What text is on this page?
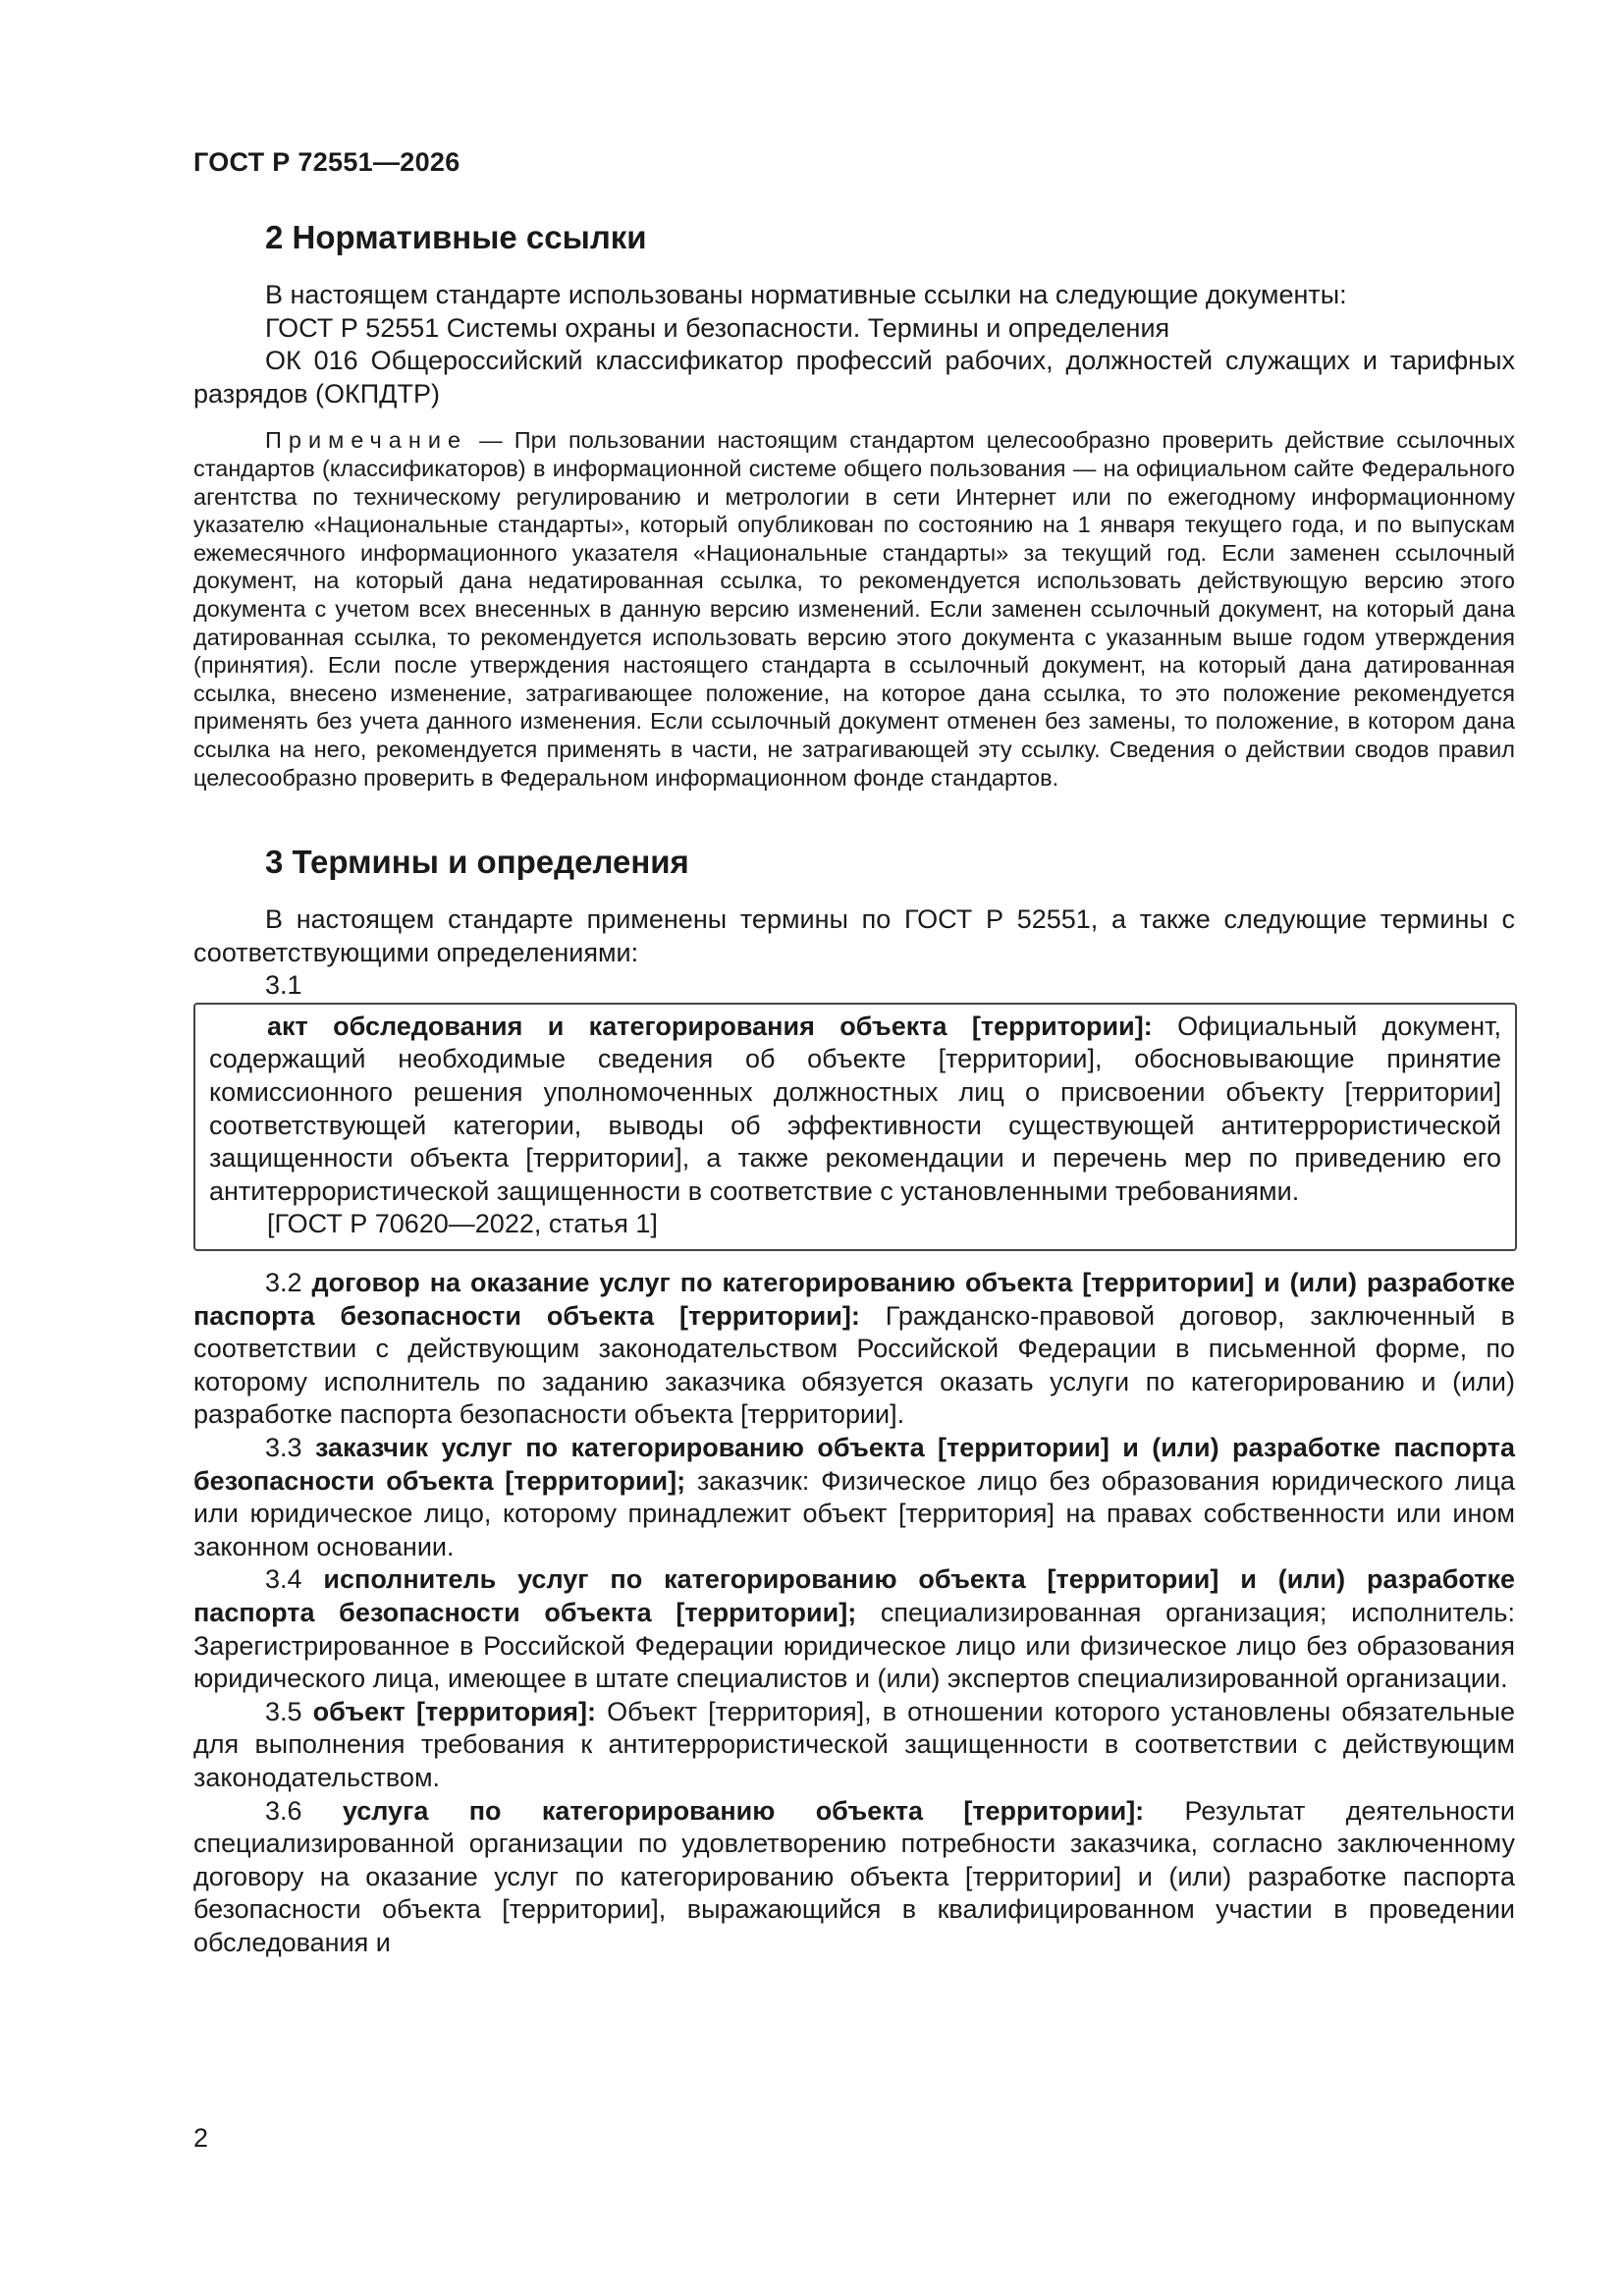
ГОСТ Р 72551—2026
2 Нормативные ссылки

В настоящем стандарте использованы нормативные ссылки на следующие документы:

ГОСТ Р 52551 Системы охраны и безопасности. Термины и определения

ОК 016 Общероссийский классификатор профессий рабочих, должностей служащих и тарифных разрядов (ОКПДТР)

Примечание — При пользовании настоящим стандартом целесообразно проверить действие ссылочных стандартов (классификаторов) в информационной системе общего пользования — на официальном сайте Федерального агентства по техническому регулированию и метрологии в сети Интернет или по ежегодному информационному указателю «Национальные стандарты», который опубликован по состоянию на 1 января текущего года, и по выпускам ежемесячного информационного указателя «Национальные стандарты» за текущий год. Если заменен ссылочный документ, на который дана недатированная ссылка, то рекомендуется использовать действующую версию этого документа с учетом всех внесенных в данную версию изменений. Если заменен ссылочный документ, на который дана датированная ссылка, то рекомендуется использовать версию этого документа с указанным выше годом утверждения (принятия). Если после утверждения настоящего стандарта в ссылочный документ, на который дана датированная ссылка, внесено изменение, затрагивающее положение, на которое дана ссылка, то это положение рекомендуется применять без учета данного изменения. Если ссылочный документ отменен без замены, то положение, в котором дана ссылка на него, рекомендуется применять в части, не затрагивающей эту ссылку. Сведения о действии сводов правил целесообразно проверить в Федеральном информационном фонде стандартов.

3 Термины и определения

В настоящем стандарте применены термины по ГОСТ Р 52551, а также следующие термины с соответствующими определениями:

3.1

акт обследования и категорирования объекта [территории]: Официальный документ, содержащий необходимые сведения об объекте [территории], обосновывающие принятие комиссионного решения уполномоченных должностных лиц о присвоении объекту [территории] соответствующей категории, выводы об эффективности существующей антитеррористической защищенности объекта [территории], а также рекомендации и перечень мер по приведению его антитеррористической защищенности в соответствие с установленными требованиями.

[ГОСТ Р 70620—2022, статья 1]

3.2 договор на оказание услуг по категорированию объекта [территории] и (или) разработке паспорта безопасности объекта [территории]: Гражданско-правовой договор, заключенный в соответствии с действующим законодательством Российской Федерации в письменной форме, по которому исполнитель по заданию заказчика обязуется оказать услуги по категорированию и (или) разработке паспорта безопасности объекта [территории].

3.3 заказчик услуг по категорированию объекта [территории] и (или) разработке паспорта безопасности объекта [территории]; заказчик: Физическое лицо без образования юридического лица или юридическое лицо, которому принадлежит объект [территория] на правах собственности или ином законном основании.

3.4 исполнитель услуг по категорированию объекта [территории] и (или) разработке паспорта безопасности объекта [территории]; специализированная организация; исполнитель: Зарегистрированное в Российской Федерации юридическое лицо или физическое лицо без образования юридического лица, имеющее в штате специалистов и (или) экспертов специализированной организации.

3.5 объект [территория]: Объект [территория], в отношении которого установлены обязательные для выполнения требования к антитеррористической защищенности в соответствии с действующим законодательством.

3.6 услуга по категорированию объекта [территории]: Результат деятельности специализированной организации по удовлетворению потребности заказчика, согласно заключенному договору на оказание услуг по категорированию объекта [территории] и (или) разработке паспорта безопасности объекта [территории], выражающийся в квалифицированном участии в проведении обследования и

2
